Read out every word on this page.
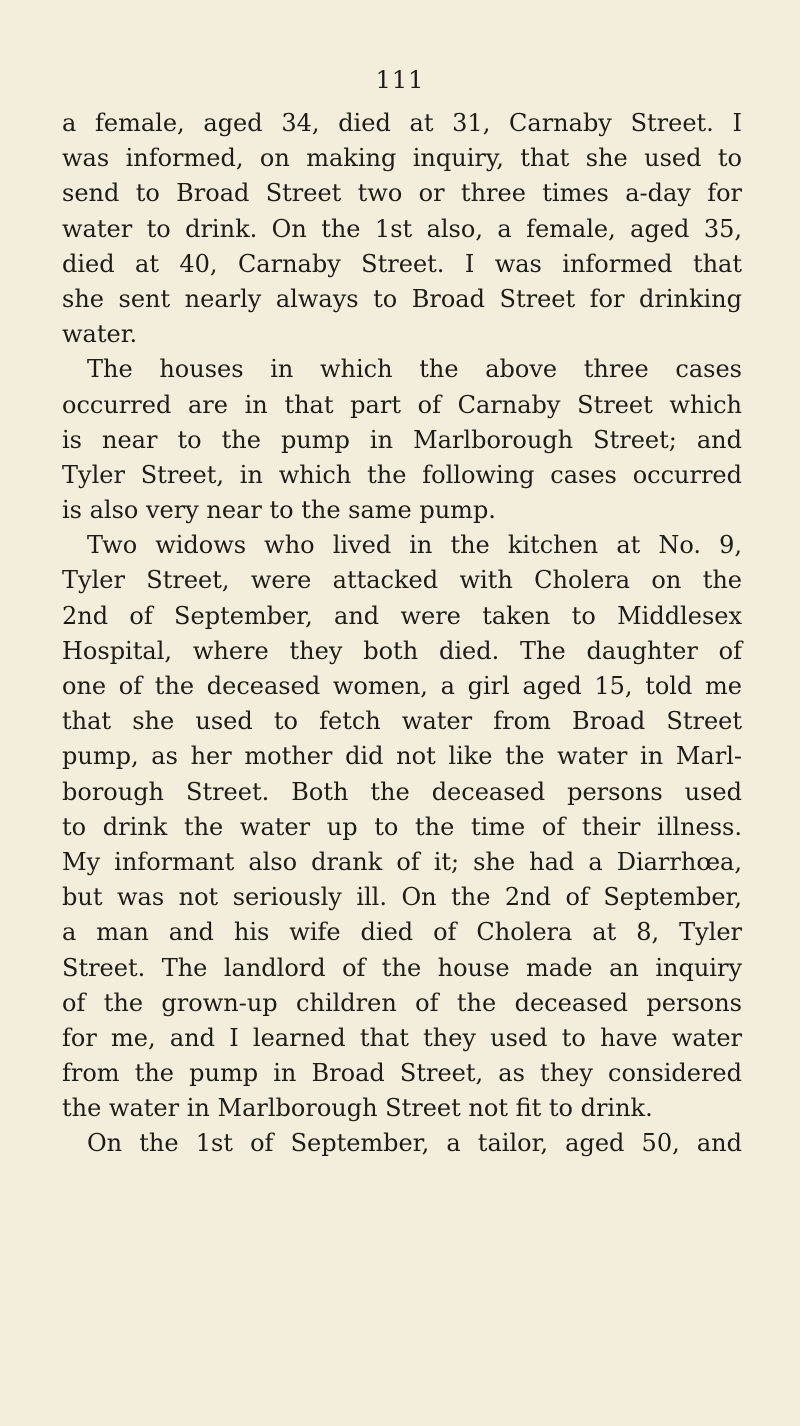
111
a female, aged 34, died at 31, Carnaby Street. I
was informed, on making inquiry, that she used to
send to Broad Street two or three times a-day for
water to drink. On the 1st also, a female, aged 35,
died at 40, Carnaby Street. I was informed that
she sent nearly always to Broad Street for drinking
water.
The houses in which the above three cases
occurred are in that part of Carnaby Street which
is near to the pump in Marlborough Street; and
Tyler Street, in which the following cases occurred
is also very near to the same pump.
Two widows who lived in the kitchen at No. 9,
Tyler Street, were attacked with Cholera on the
2nd of September, and were taken to Middlesex
Hospital, where they both died. The daughter of
one of the deceased women, a girl aged 15, told me
that she used to fetch water from Broad Street
pump, as her mother did not like the water in Marl-
borough Street. Both the deceased persons used
to drink the water up to the time of their illness.
My informant also drank of it; she had a Diarrhœa,
but was not seriously ill. On the 2nd of September,
a man and his wife died of Cholera at 8, Tyler
Street. The landlord of the house made an inquiry
of the grown-up children of the deceased persons
for me, and I learned that they used to have water
from the pump in Broad Street, as they considered
the water in Marlborough Street not fit to drink.
On the 1st of September, a tailor, aged 50, and
